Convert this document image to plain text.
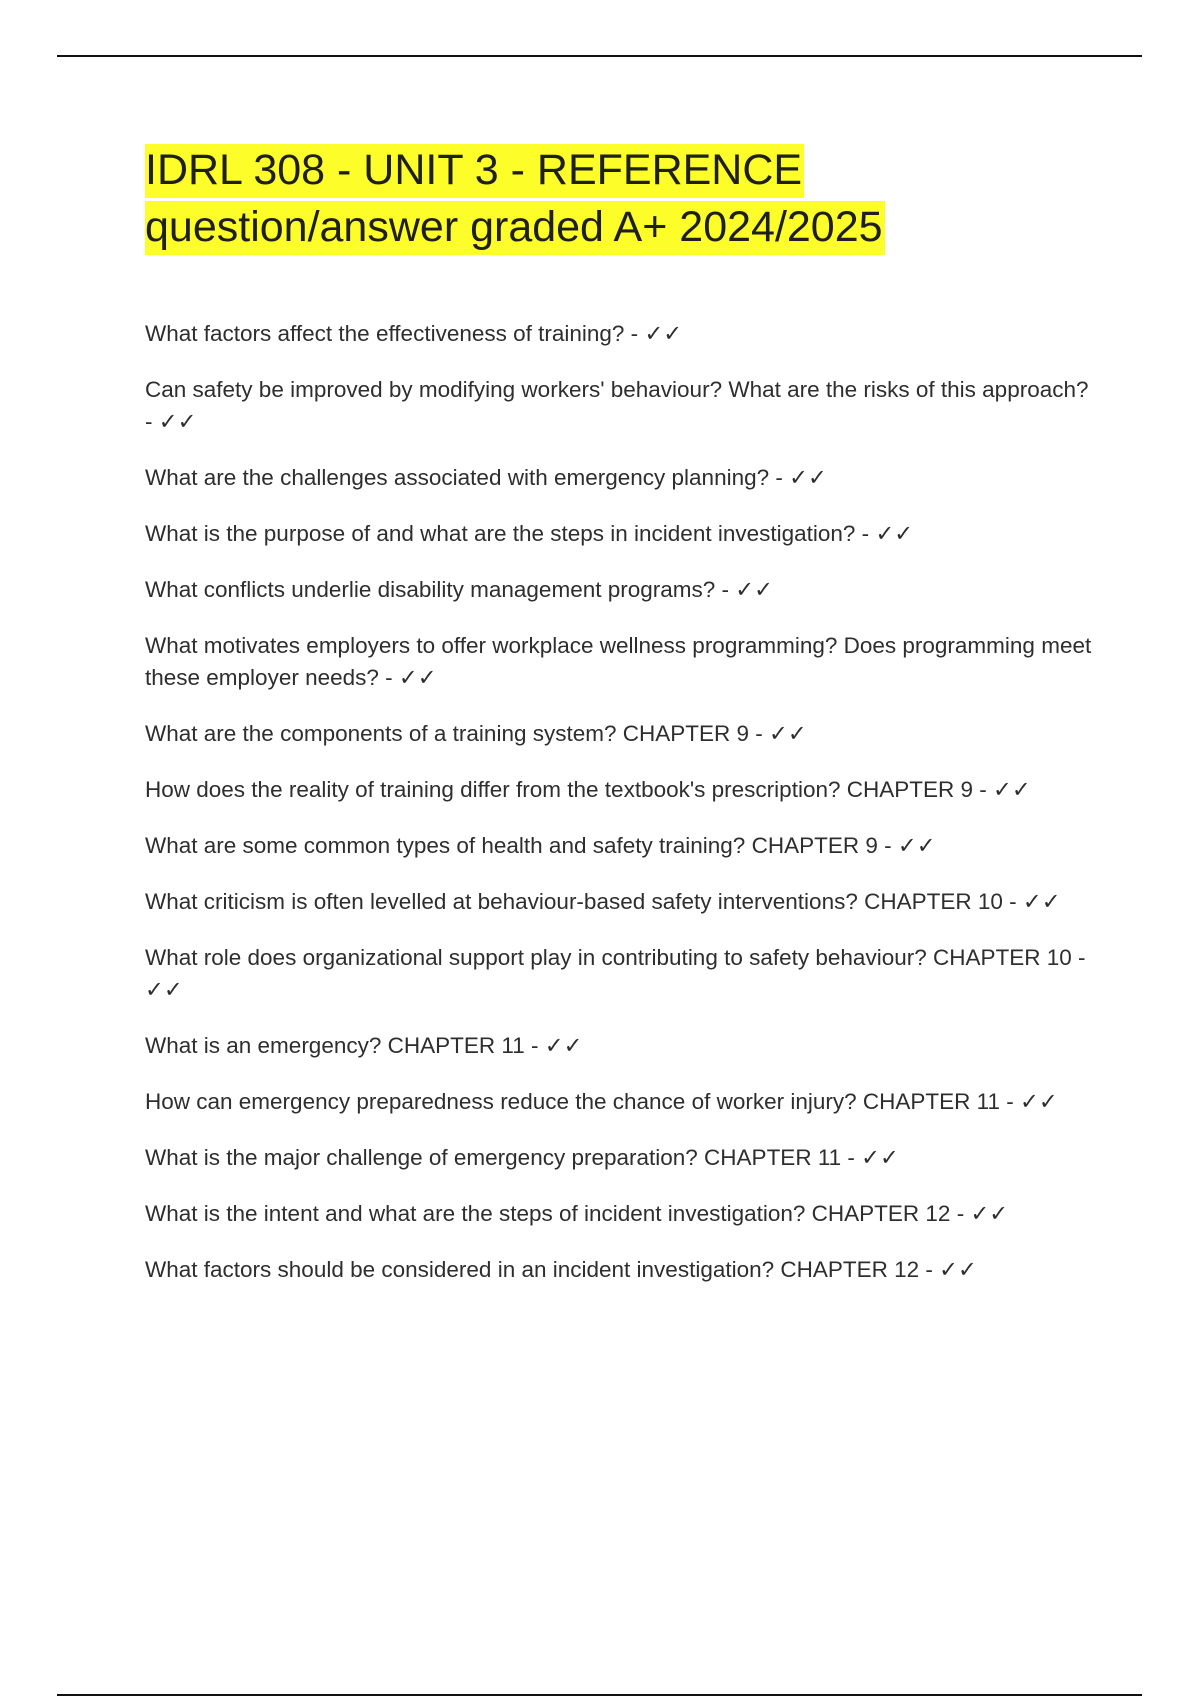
IDRL 308 - UNIT 3 - REFERENCE
question/answer graded A+ 2024/2025
What factors affect the effectiveness of training? - ✓✓
Can safety be improved by modifying workers' behaviour? What are the risks of this approach? - ✓✓
What are the challenges associated with emergency planning? - ✓✓
What is the purpose of and what are the steps in incident investigation? - ✓✓
What conflicts underlie disability management programs? - ✓✓
What motivates employers to offer workplace wellness programming? Does programming meet these employer needs? - ✓✓
What are the components of a training system? CHAPTER 9 - ✓✓
How does the reality of training differ from the textbook's prescription? CHAPTER 9 - ✓✓
What are some common types of health and safety training? CHAPTER 9 - ✓✓
What criticism is often levelled at behaviour-based safety interventions? CHAPTER 10 - ✓✓
What role does organizational support play in contributing to safety behaviour? CHAPTER 10 - ✓✓
What is an emergency? CHAPTER 11 - ✓✓
How can emergency preparedness reduce the chance of worker injury? CHAPTER 11 - ✓✓
What is the major challenge of emergency preparation? CHAPTER 11 - ✓✓
What is the intent and what are the steps of incident investigation? CHAPTER 12 - ✓✓
What factors should be considered in an incident investigation? CHAPTER 12 - ✓✓
